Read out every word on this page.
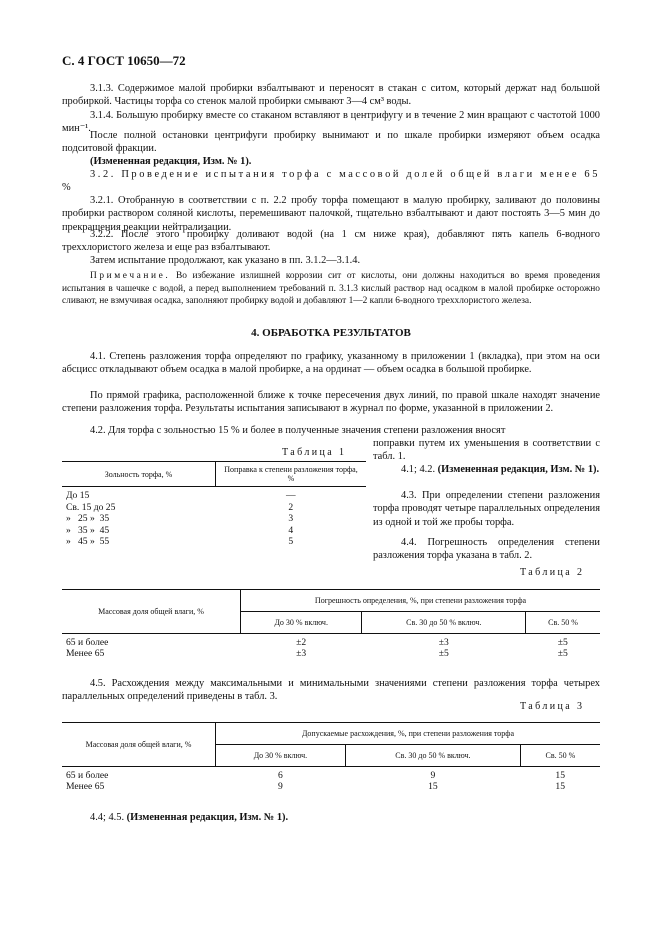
С. 4 ГОСТ 10650—72
3.1.3. Содержимое малой пробирки взбалтывают и переносят в стакан с ситом, который держат над большой пробиркой. Частицы торфа со стенок малой пробирки смывают 3—4 см³ воды.
3.1.4. Большую пробирку вместе со стаканом вставляют в центрифугу и в течение 2 мин вращают с частотой 1000 мин⁻¹.
После полной остановки центрифуги пробирку вынимают и по шкале пробирки измеряют объем осадка подситовой фракции.
(Измененная редакция, Изм. № 1).
3.2. Проведение испытания торфа с массовой долей общей влаги менее 65 %
3.2.1. Отобранную в соответствии с п. 2.2 пробу торфа помещают в малую пробирку, заливают до половины пробирки раствором соляной кислоты, перемешивают палочкой, тщательно взбалтывают и дают постоять 3—5 мин до прекращения реакции нейтрализации.
3.2.2. После этого пробирку доливают водой (на 1 см ниже края), добавляют пять капель 6-водного треххлористого железа и еще раз взбалтывают.
Затем испытание продолжают, как указано в пп. 3.1.2—3.1.4.
Примечание. Во избежание излишней коррозии сит от кислоты, они должны находиться во время проведения испытания в чашечке с водой, а перед выполнением требований п. 3.1.3 кислый раствор над осадком в малой пробирке осторожно сливают, не взмучивая осадка, заполняют пробирку водой и добавляют 1—2 капли 6-водного треххлористого железа.
4. ОБРАБОТКА РЕЗУЛЬТАТОВ
4.1. Степень разложения торфа определяют по графику, указанному в приложении 1 (вкладка), при этом на оси абсцисс откладывают объем осадка в малой пробирке, а на ординат — объем осадка в большой пробирке.
По прямой графика, расположенной ближе к точке пересечения двух линий, по правой шкале находят значение степени разложения торфа. Результаты испытания записывают в журнал по форме, указанной в приложении 2.
4.2. Для торфа с зольностью 15 % и более в полученные значения степени разложения вносят
Таблица 1
Зольность торфа, %	Поправка к степени разложения торфа, %
До 15	—
Св. 15 до 25	2
»   25 »  35	3
»   35 »  45	4
»   45 »  55	5
поправки путем их уменьшения в соответствии с табл. 1.
4.1; 4.2. (Измененная редакция, Изм. № 1).
4.3. При определении степени разложения торфа проводят четыре параллельных определения из одной и той же пробы торфа.
4.4. Погрешность определения степени разложения торфа указана в табл. 2.
Таблица 2
Массовая доля общей влаги, %	Погрешность определения, %, при степени разложения торфа		
	До 30 % включ.	Св. 30 до 50 % включ.	Св. 50 %
65 и более	±2	±3	±5
Менее 65	±3	±5	±5
4.5. Расхождения между максимальными и минимальными значениями степени разложения торфа четырех параллельных определений приведены в табл. 3.
Таблица 3
Массовая доля общей влаги, %	Допускаемые расхождения, %, при степени разложения торфа		
	До 30 % включ.	Св. 30 до 50 % включ.	Св. 50 %
65 и более	6	9	15
Менее 65	9	15	15
4.4; 4.5. (Измененная редакция, Изм. № 1).
